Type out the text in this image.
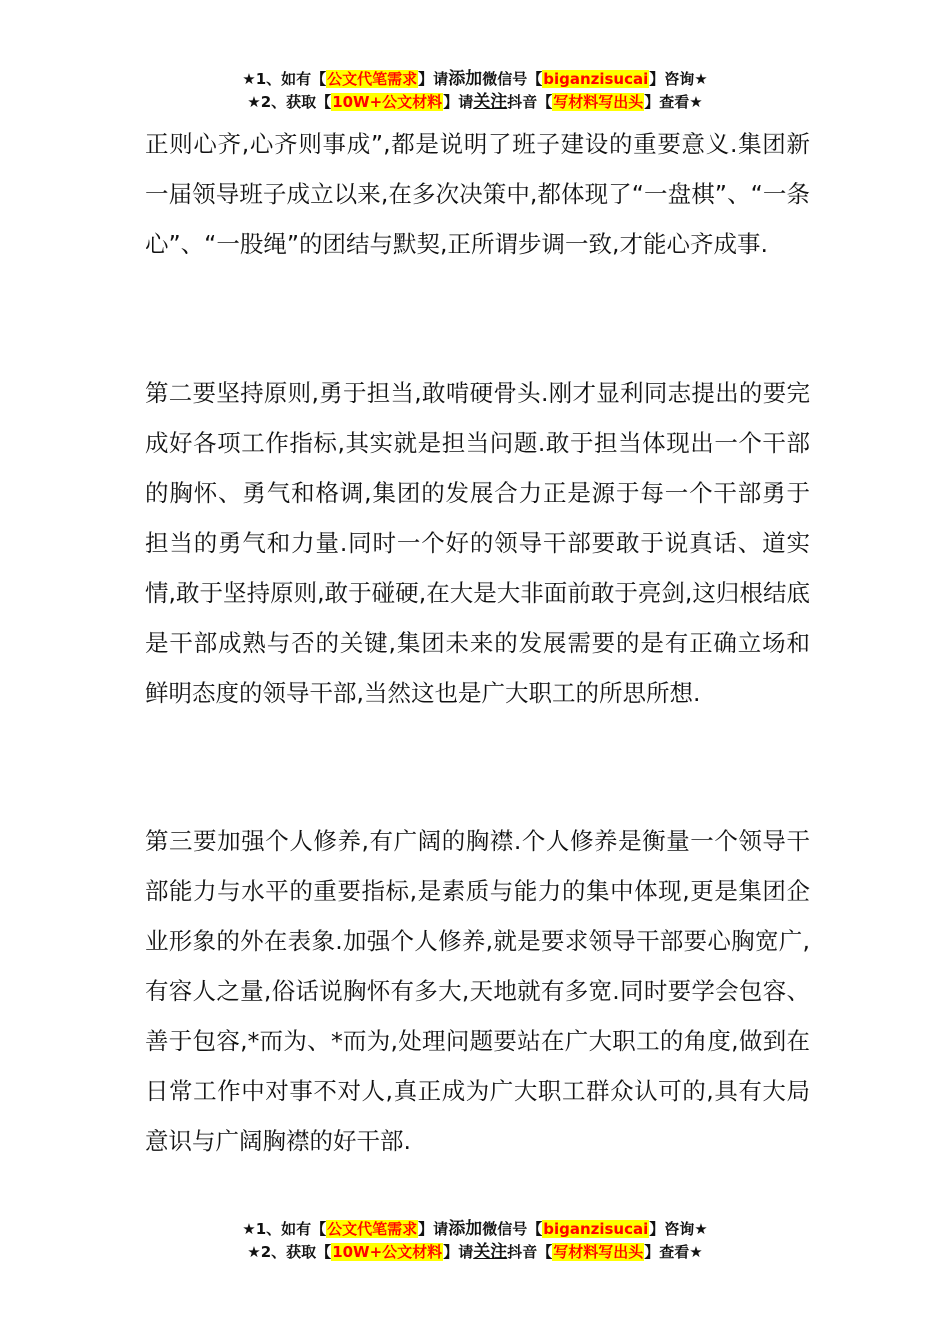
★1、如有【公文代笔需求】请添加微信号【biganzisucai】咨询★
★2、获取【10W+公文材料】请关注抖音【写材料写出头】查看★

正则心齐,心齐则事成”,都是说明了班子建设的重要意义.集团新一届领导班子成立以来,在多次决策中,都体现了“一盘棋”、“一条心”、“一股绳”的团结与默契,正所谓步调一致,才能心齐成事.

第二要坚持原则,勇于担当,敢啃硬骨头.刚才显利同志提出的要完成好各项工作指标,其实就是担当问题.敢于担当体现出一个干部的胸怀、勇气和格调,集团的发展合力正是源于每一个干部勇于担当的勇气和力量.同时一个好的领导干部要敢于说真话、道实情,敢于坚持原则,敢于碰硬,在大是大非面前敢于亮剑,这归根结底是干部成熟与否的关键,集团未来的发展需要的是有正确立场和鲜明态度的领导干部,当然这也是广大职工的所思所想.

第三要加强个人修养,有广阔的胸襟.个人修养是衡量一个领导干部能力与水平的重要指标,是素质与能力的集中体现,更是集团企业形象的外在表象.加强个人修养,就是要求领导干部要心胸宽广,有容人之量,俗话说胸怀有多大,天地就有多宽.同时要学会包容、善于包容,*而为、*而为,处理问题要站在广大职工的角度,做到在日常工作中对事不对人,真正成为广大职工群众认可的,具有大局意识与广阔胸襟的好干部.

★1、如有【公文代笔需求】请添加微信号【biganzisucai】咨询★
★2、获取【10W+公文材料】请关注抖音【写材料写出头】查看★
